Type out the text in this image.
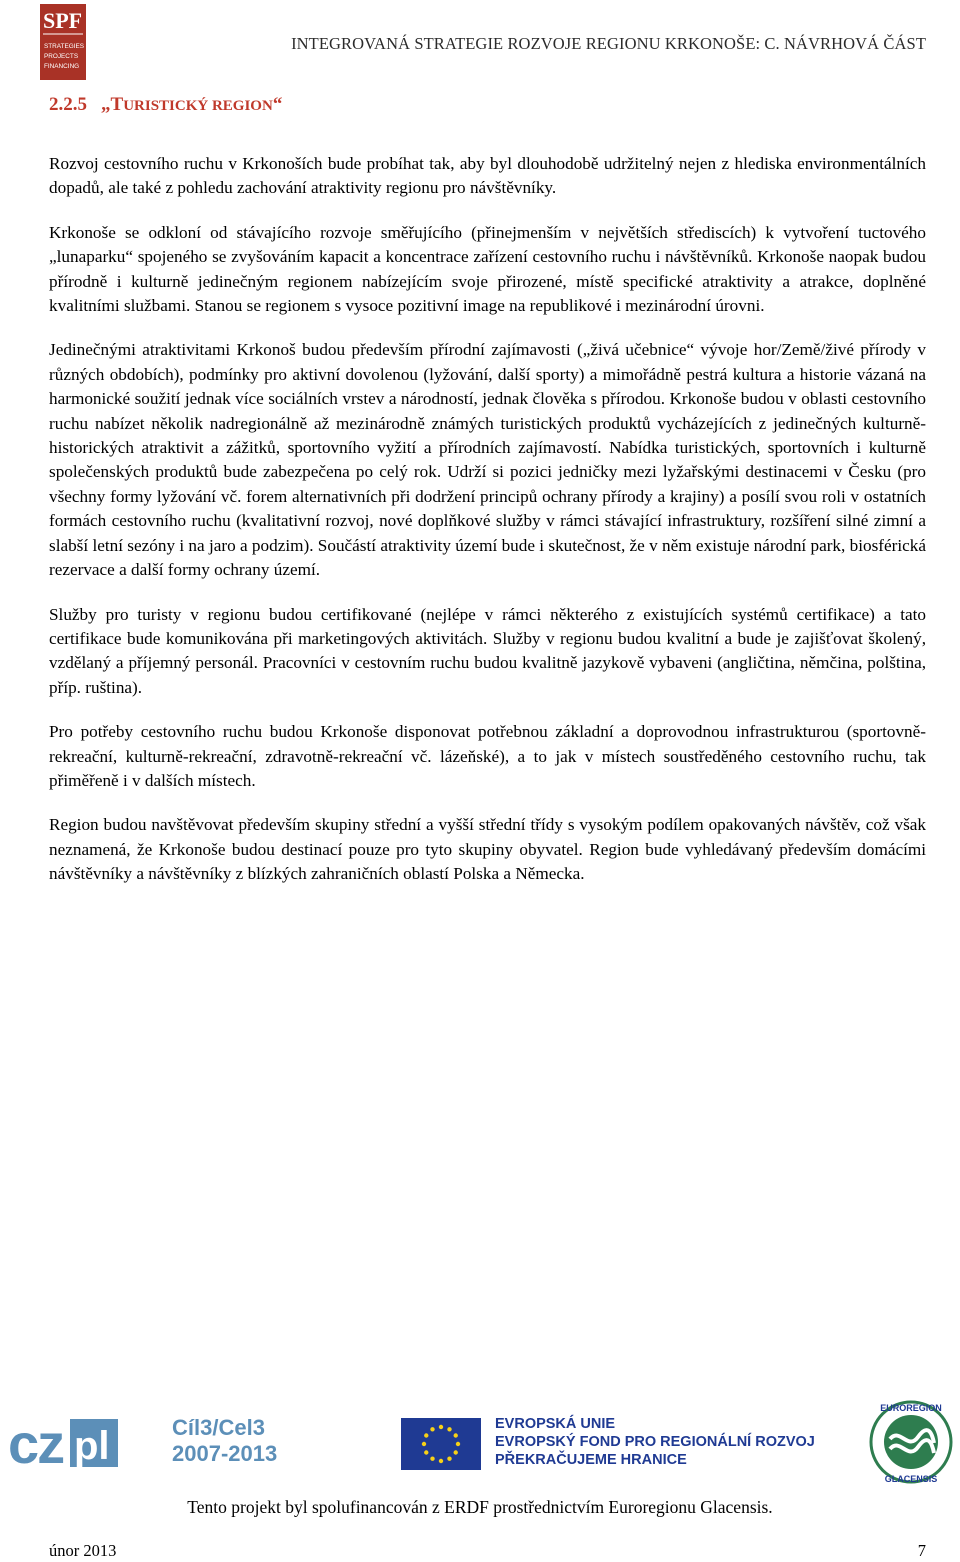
SPF
STRATEGIES
PROJECTS
FINANCING
INTEGROVANÁ STRATEGIE ROZVOJE REGIONU KRKONOŠE: C. NÁVRHOVÁ ČÁST
2.2.5 „TURISTICKÝ REGION“

Rozvoj cestovního ruchu v Krkonoších bude probíhat tak, aby byl dlouhodobě udržitelný nejen z hlediska environmentálních dopadů, ale také z pohledu zachování atraktivity regionu pro návštěvníky.

Krkonoše se odkloní od stávajícího rozvoje směřujícího (přinejmenším v největších střediscích) k vytvoření tuctového „lunaparku“ spojeného se zvyšováním kapacit a koncentrace zařízení cestovního ruchu i návštěvníků. Krkonoše naopak budou přírodně i kulturně jedinečným regionem nabízejícím svoje přirozené, místě specifické atraktivity a atrakce, doplněné kvalitními službami. Stanou se regionem s vysoce pozitivní image na republikové i mezinárodní úrovni.

Jedinečnými atraktivitami Krkonoš budou především přírodní zajímavosti („živá učebnice“ vývoje hor/Země/živé přírody v různých obdobích), podmínky pro aktivní dovolenou (lyžování, další sporty) a mimořádně pestrá kultura a historie vázaná na harmonické soužití jednak více sociálních vrstev a národností, jednak člověka s přírodou. Krkonoše budou v oblasti cestovního ruchu nabízet několik nadregionálně až mezinárodně známých turistických produktů vycházejících z jedinečných kulturně-historických atraktivit a zážitků, sportovního vyžití a přírodních zajímavostí. Nabídka turistických, sportovních i kulturně společenských produktů bude zabezpečena po celý rok. Udrží si pozici jedničky mezi lyžařskými destinacemi v Česku (pro všechny formy lyžování vč. forem alternativních při dodržení principů ochrany přírody a krajiny) a posílí svou roli v ostatních formách cestovního ruchu (kvalitativní rozvoj, nové doplňkové služby v rámci stávající infrastruktury, rozšíření silné zimní a slabší letní sezóny i na jaro a podzim). Součástí atraktivity území bude i skutečnost, že v něm existuje národní park, biosférická rezervace a další formy ochrany území.

Služby pro turisty v regionu budou certifikované (nejlépe v rámci některého z existujících systémů certifikace) a tato certifikace bude komunikována při marketingových aktivitách. Služby v regionu budou kvalitní a bude je zajišťovat školený, vzdělaný a příjemný personál. Pracovníci v cestovním ruchu budou kvalitně jazykově vybaveni (angličtina, němčina, polština, příp. ruština).

Pro potřeby cestovního ruchu budou Krkonoše disponovat potřebnou základní a doprovodnou infrastrukturou (sportovně-rekreační, kulturně-rekreační, zdravotně-rekreační vč. lázeňské), a to jak v místech soustředěného cestovního ruchu, tak přiměřeně i v dalších místech.

Region budou navštěvovat především skupiny střední a vyšší střední třídy s vysokým podílem opakovaných návštěv, což však neznamená, že Krkonoše budou destinací pouze pro tyto skupiny obyvatel. Region bude vyhledávaný především domácími návštěvníky a návštěvníky z blízkých zahraničních oblastí Polska a Německa.

cz pl	Cíl3/Cel3
2007-2013
EVROPSKÁ UNIE
EVROPSKÝ FOND PRO REGIONÁLNÍ ROZVOJ
PŘEKRAČUJEME HRANICE
EUROREGION
GLACENSIS
Tento projekt byl spolufinancován z ERDF prostřednictvím Euroregionu Glacensis.
únor 2013	7
